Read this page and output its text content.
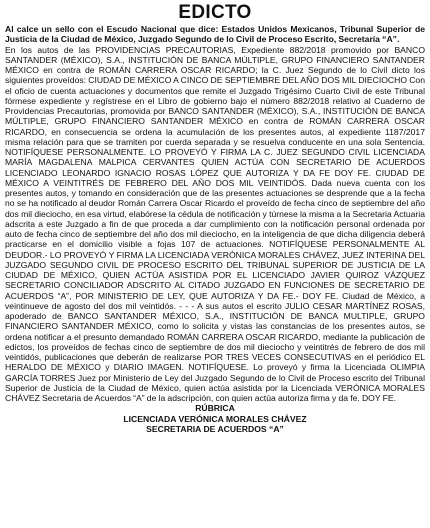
EDICTO

Al calce un sello con el Escudo Nacional que dice: Estados Unidos Mexicanos, Tribunal Superior de Justicia de la Ciudad de México, Juzgado Segundo de lo Civil de Proceso Escrito, Secretaría “A”.

En los autos de las PROVIDENCIAS PRECAUTORIAS, Expediente 882/2018 promovido por BANCO SANTANDER (MÉXICO), S.A., INSTITUCIÓN DE BANCA MÚLTIPLE, GRUPO FINANCIERO SANTANDER MÉXICO en contra de ROMÁN CARRERA OSCAR RICARDO; la C. Juez Segundo de lo Civil dicto los siguientes proveídos: CIUDAD DE MÉXICO A CINCO DE SEPTIEMBRE DEL AÑO DOS MIL DIECIOCHO Con el oficio de cuenta actuaciones y documentos que remite el Juzgado Trigésimo Cuarto Civil de este Tribunal fórmese expediente y regístrese en el Libro de gobierno bajo el número 882/2018 relativo al Cuaderno de Providencias Precautorias, promovida por BANCO SANTANDER (MÉXICO), S.A., INSTITUCIÓN DE BANCA MÚLTIPLE, GRUPO FINANCIERO SANTANDER MÉXICO en contra de ROMÁN CARRERA OSCAR RICARDO, en consecuencia se ordena la acumulación de los presentes autos, al expediente 1187/2017 misma relación para que se tramiten por cuerda separada y se resuelva conducente en una sola Sentencia. NOTIFÍQUESE PERSONALMENTE. LO PROVEYÓ Y FIRMA LA C. JUEZ SEGUNDO CIVIL LICENCIADA MARÍA MAGDALENA MALPICA CERVANTES QUIEN ACTÚA CON SECRETARIO DE ACUERDOS LICENCIADO LEONARDO IGNACIO ROSAS LÓPEZ QUE AUTORIZA Y DA FE DOY FE. CIUDAD DE MÉXICO A VEINTITRÉS DE FEBRERO DEL AÑO DOS MIL VEINTIDÓS. Dada nueva cuenta con los presentes autos, y tomando en consideración que de las presentes actuaciones se desprende que a la fecha no se ha notificado al deudor Román Carrera Oscar Ricardo el proveído de fecha cinco de septiembre del año dos mil dieciocho, en esa virtud, elabórese la cédula de notificación y túrnese la misma a la Secretaria Actuaria adscrita a este Juzgado a fin de que proceda a dar cumplimiento con la notificación personal ordenada por auto de fecha cinco de septiembre del año dos mil dieciocho, en la inteligencia de que dicha diligencia deberá practicarse en el domicilio visible a fojas 107 de actuaciones. NOTIFÍQUESE PERSONALMENTE AL DEUDOR.- LO PROVEYÓ Y FIRMA LA LICENCIADA VERÓNICA MORALES CHÁVEZ, JUEZ INTERINA DEL JUZGADO SEGUNDO CIVIL DE PROCESO ESCRITO DEL TRIBUNAL SUPERIOR DE JUSTICIA DE LA CIUDAD DE MÉXICO, QUIEN ACTÚA ASISTIDA POR EL LICENCIADO JAVIER QUIROZ VÁZQUEZ SECRETARIO CONCILIADOR ADSCRITO AL CITADO JUZGADO EN FUNCIONES DE SECRETARIO DE ACUERDOS “A”, POR MINISTERIO DE LEY, QUE AUTORIZA Y DA FE.- DOY FE. Ciudad de México, a veintinueve de agosto del dos mil veintidós. - - - A sus autos el escrito JULIO CESAR MARTÍNEZ ROSAS, apoderado de BANCO SANTANDER MÉXICO, S.A., INSTITUCIÓN DE BANCA MULTIPLE, GRUPO FINANCIERO SANTANDER MÉXICO, como lo solicita y vistas las constancias de los presentes autos, se ordena notificar a el presunto demandado ROMÁN CARRERA OSCAR RICARDO, mediante la publicación de edictos, los proveídos de fechas cinco de septiembre de dos mil dieciocho y veintitrés de febrero de dos mil veintidós, publicaciones que deberán de realizarse POR TRES VECES CONSECUTIVAS en el periódico EL HERALDO DE MÉXICO y DIARIO IMAGEN. NOTIFÍQUESE. Lo proveyó y firma la Licenciada OLIMPIA GARCÍA TORRES Juez por Ministerio de Ley del Juzgado Segundo de lo Civil de Proceso escrito del Tribunal Superior de Justicia de la Ciudad de México, quien actúa asistida por la Licenciada VERÓNICA MORALES CHÁVEZ Secretaria de Acuerdos “A” de la adscripción, con quien actúa autoriza firma y da fe. DOY FE.

RÚBRICA
LICENCIADA VERÓNICA MORALES CHÁVEZ
SECRETARIA DE ACUERDOS “A”
